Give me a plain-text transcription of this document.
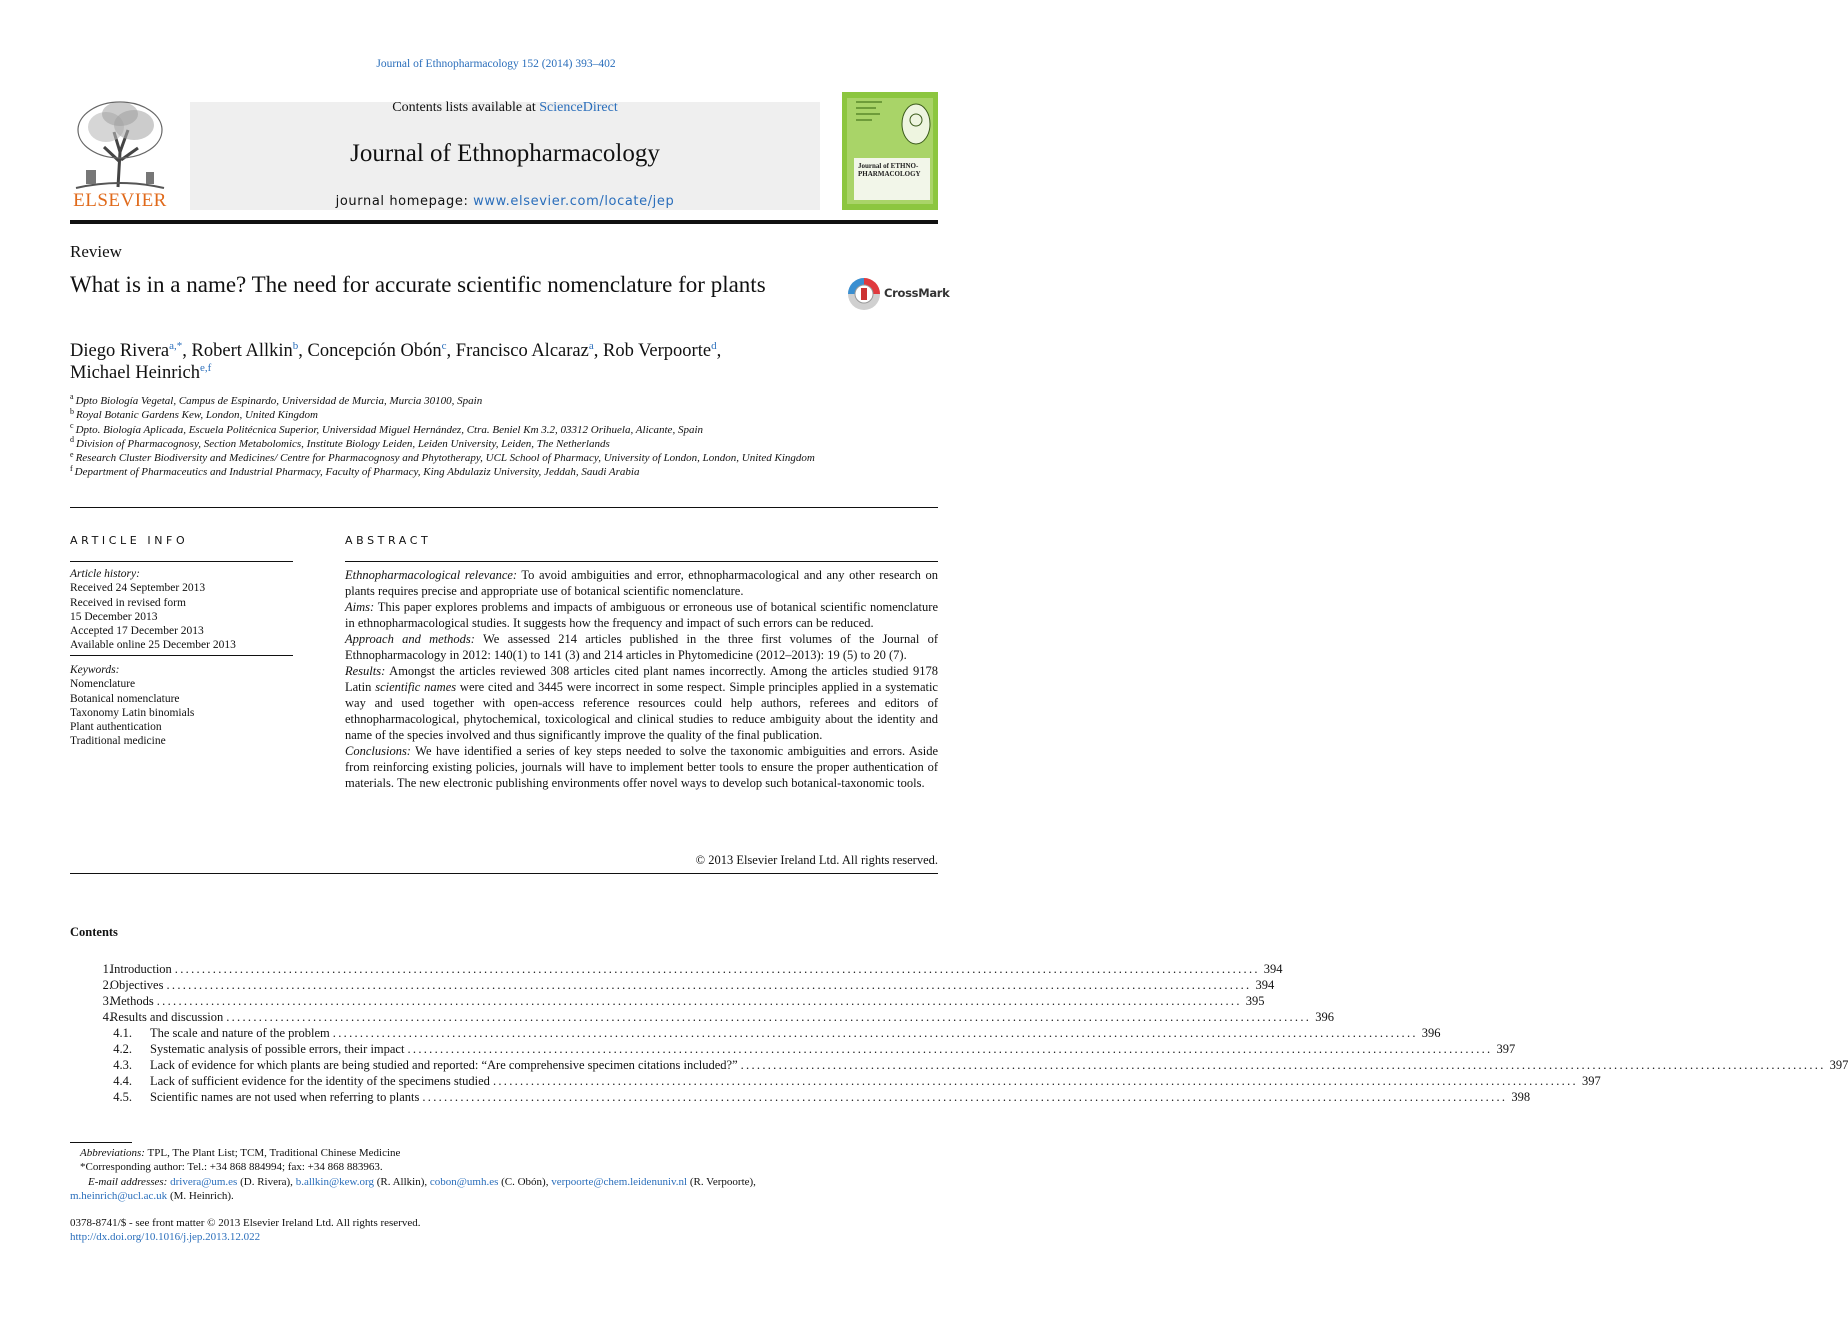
Journal of Ethnopharmacology 152 (2014) 393–402
ELSEVIER
Contents lists available at ScienceDirect
Journal of Ethnopharmacology
journal homepage: www.elsevier.com/locate/jep
Journal of ETHNO-PHARMACOLOGY
Review
What is in a name? The need for accurate scientific nomenclature for plants	CrossMark
Diego Rivera$^{a,*}$, Robert Allkin$^b$, Concepción Obón$^c$, Francisco Alcaraz$^a$, Rob Verpoorte$^d$,
Michael Heinrich$^{e,f}$
$^a$ Dpto Biología Vegetal, Campus de Espinardo, Universidad de Murcia, Murcia 30100, Spain
$^b$ Royal Botanic Gardens Kew, London, United Kingdom
$^c$ Dpto. Biología Aplicada, Escuela Politécnica Superior, Universidad Miguel Hernández, Ctra. Beniel Km 3.2, 03312 Orihuela, Alicante, Spain
$^d$ Division of Pharmacognosy, Section Metabolomics, Institute Biology Leiden, Leiden University, Leiden, The Netherlands
$^e$ Research Cluster Biodiversity and Medicines/ Centre for Pharmacognosy and Phytotherapy, UCL School of Pharmacy, University of London, London, United Kingdom
$^f$ Department of Pharmaceutics and Industrial Pharmacy, Faculty of Pharmacy, King Abdulaziz University, Jeddah, Saudi Arabia
ARTICLE INFO
Article history:
Received 24 September 2013
Received in revised form
15 December 2013
Accepted 17 December 2013
Available online 25 December 2013
Keywords:
Nomenclature
Botanical nomenclature
Taxonomy Latin binomials
Plant authentication
Traditional medicine
ABSTRACT

Ethnopharmacological relevance: To avoid ambiguities and error, ethnopharmacological and any other research on plants requires precise and appropriate use of botanical scientific nomenclature.

Aims: This paper explores problems and impacts of ambiguous or erroneous use of botanical scientific nomenclature in ethnopharmacological studies. It suggests how the frequency and impact of such errors can be reduced.

Approach and methods: We assessed 214 articles published in the three first volumes of the Journal of Ethnopharmacology in 2012: 140(1) to 141 (3) and 214 articles in Phytomedicine (2012–2013): 19 (5) to 20 (7).

Results: Amongst the articles reviewed 308 articles cited plant names incorrectly. Among the articles studied 9178 Latin scientific names were cited and 3445 were incorrect in some respect. Simple principles applied in a systematic way and used together with open-access reference resources could help authors, referees and editors of ethnopharmacological, phytochemical, toxicological and clinical studies to reduce ambiguity about the identity and name of the species involved and thus significantly improve the quality of the final publication.

Conclusions: We have identified a series of key steps needed to solve the taxonomic ambiguities and errors. Aside from reinforcing existing policies, journals will have to implement better tools to ensure the proper authentication of materials. The new electronic publishing environments offer novel ways to develop such botanical-taxonomic tools.

© 2013 Elsevier Ireland Ltd. All rights reserved.
Contents
1.
Introduction ........................................................................................................................................................................................................ 394
2.
Objectives ........................................................................................................................................................................................................ 394
3.
Methods ........................................................................................................................................................................................................ 395
4.
Results and discussion ........................................................................................................................................................................................................ 396
4.1. The scale and nature of the problem ........................................................................................................................................................................................................ 396
4.2. Systematic analysis of possible errors, their impact ........................................................................................................................................................................................................ 397
4.3. Lack of evidence for which plants are being studied and reported: “Are comprehensive specimen citations included?” ........................................................................................................................................................................................................ 397
4.4. Lack of sufficient evidence for the identity of the specimens studied ........................................................................................................................................................................................................ 397
4.5. Scientific names are not used when referring to plants ........................................................................................................................................................................................................ 398
Abbreviations: TPL, The Plant List; TCM, Traditional Chinese Medicine
*Corresponding author: Tel.: +34 868 884994; fax: +34 868 883963.
E-mail addresses: drivera@um.es (D. Rivera), b.allkin@kew.org (R. Allkin), cobon@umh.es (C. Obón), verpoorte@chem.leidenuniv.nl (R. Verpoorte),
m.heinrich@ucl.ac.uk (M. Heinrich).
0378-8741/$ - see front matter © 2013 Elsevier Ireland Ltd. All rights reserved.
http://dx.doi.org/10.1016/j.jep.2013.12.022
